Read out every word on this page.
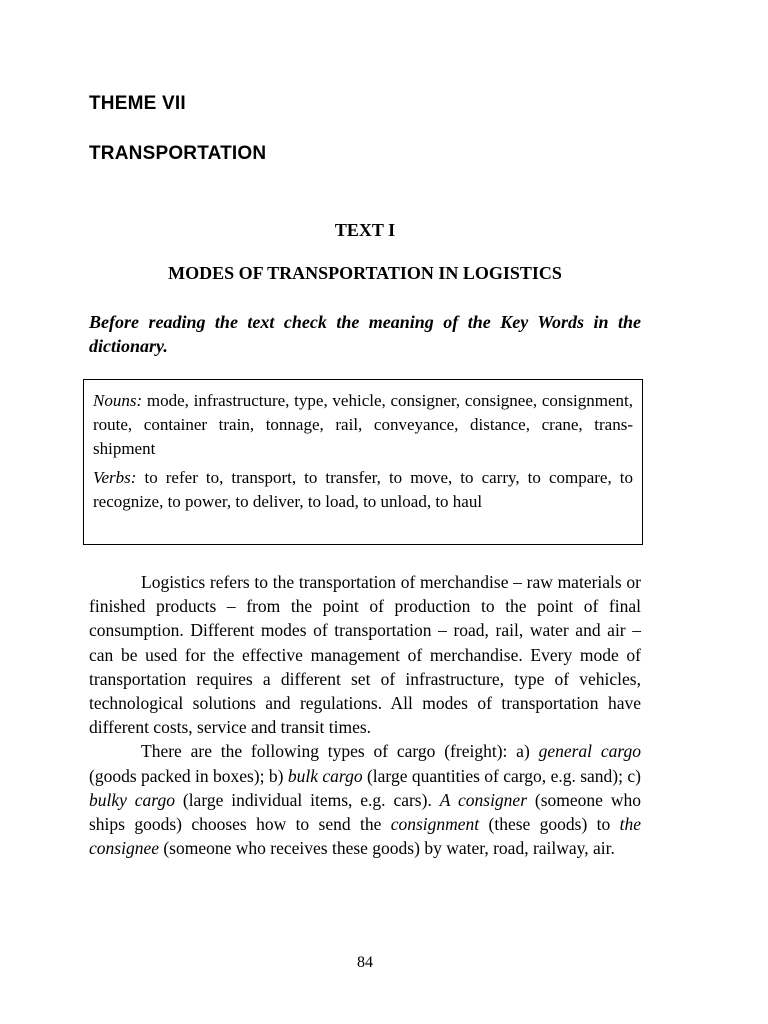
THEME VII
TRANSPORTATION
TEXT I
MODES OF TRANSPORTATION IN LOGISTICS

Before reading the text check the meaning of the Key Words in the dictionary.

Nouns: mode, infrastructure, type, vehicle, consigner, consignee, consignment, route, container train, tonnage, rail, conveyance, distance, crane, trans-shipment

Verbs: to refer to, transport, to transfer, to move, to carry, to compare, to recognize, to power, to deliver, to load, to unload, to haul

Logistics refers to the transportation of merchandise – raw materials or finished products – from the point of production to the point of final consumption. Different modes of transportation – road, rail, water and air – can be used for the effective management of merchandise. Every mode of transportation requires a different set of infrastructure, type of vehicles, technological solutions and regulations. All modes of transportation have different costs, service and transit times.

There are the following types of cargo (freight): a) general cargo (goods packed in boxes); b) bulk cargo (large quantities of cargo, e.g. sand); c) bulky cargo (large individual items, e.g. cars). A consigner (someone who ships goods) chooses how to send the consignment (these goods) to the consignee (someone who receives these goods) by water, road, railway, air.

84
